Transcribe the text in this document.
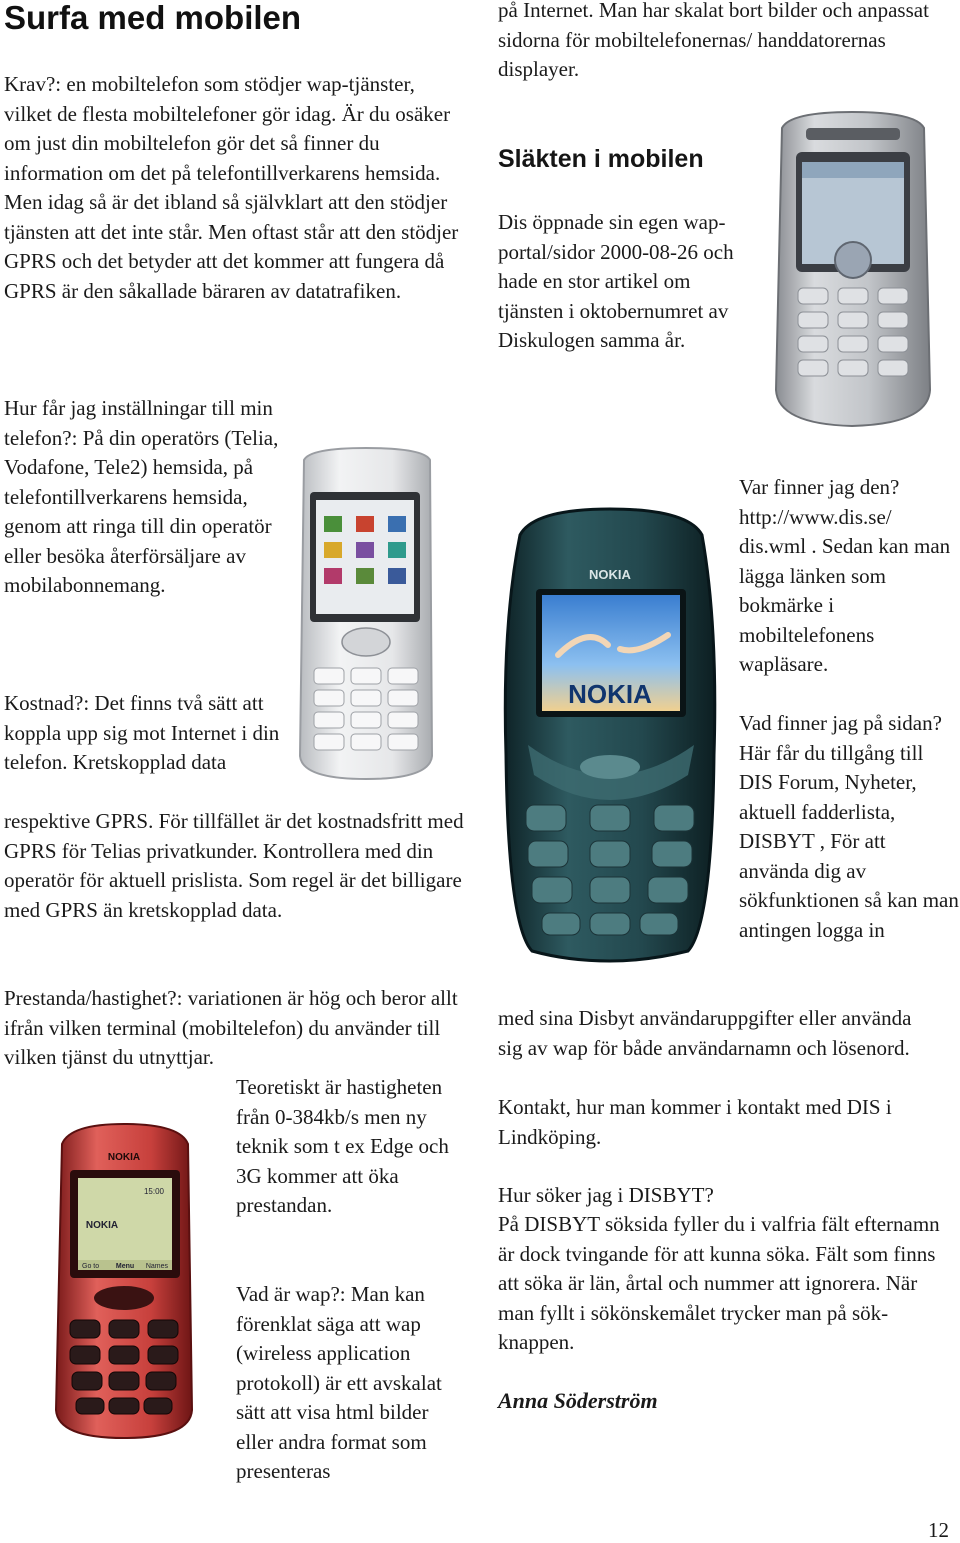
Surfa med mobilen

Krav?: en mobiltelefon som stödjer wap-tjänster, vilket de flesta mobiltelefoner gör idag. Är du osäker om just din mobiltelefon gör det så finner du information om det på telefontillverkarens hemsida. Men idag så är det ibland så självklart att den stödjer tjänsten att det inte står. Men oftast står att den stödjer GPRS och det betyder att det kommer att fungera då GPRS är den såkallade bäraren av datatrafiken.

Hur får jag inställningar till min telefon?: På din operatörs (Telia, Vodafone, Tele2) hemsida, på telefontillverkarens hemsida, genom att ringa till din operatör eller besöka återförsäljare av mobilabonnemang.

Kostnad?: Det finns två sätt att koppla upp sig mot Internet i din telefon. Kretskopplad data

respektive GPRS. För tillfället är det kostnadsfritt med GPRS för Telias privatkunder. Kontrollera med din operatör för aktuell prislista. Som regel är det billigare med GPRS än kretskopplad data.

Prestanda/hastighet?: variationen är hög och beror allt ifrån vilken terminal (mobiltelefon) du använder till vilken tjänst du utnyttjar.

Teoretiskt är hastigheten från 0-384kb/s men ny teknik som t ex Edge och 3G kommer att öka prestandan.

Vad är wap?: Man kan förenklat säga att wap (wireless application protokoll) är ett avskalat sätt att visa html bilder eller andra format som presenteras

på Internet. Man har skalat bort bilder och anpassat sidorna för mobiltelefonernas/ handdatorernas displayer.

Släkten i mobilen

Dis öppnade sin egen wap-portal/sidor 2000-08-26 och hade en stor artikel om tjänsten i oktobernumret av Diskulogen samma år.

Var finner jag den? http://www.dis.se/ dis.wml . Sedan kan man lägga länken som bokmärke i mobiltelefonens wapläsare.

Vad finner jag på sidan? Här får du tillgång till DIS Forum, Nyheter, aktuell fadderlista, DISBYT , För att använda dig av sökfunktionen så kan man antingen logga in

med sina Disbyt användaruppgifter eller använda sig av wap för både användarnamn och lösenord.

Kontakt, hur man kommer i kontakt med DIS i Lindköping.

Hur söker jag i DISBYT?

På DISBYT söksida fyller du i valfria fält efternamn är dock tvingande för att kunna söka. Fält som finns att söka är län, årtal och nummer att ignorera. När man fyllt i sökönskemålet trycker man på sök-knappen.

Anna Söderström

12

NOKIA
NOKIA
NOKIA
15:00
NOKIA
Go to Menu Names
